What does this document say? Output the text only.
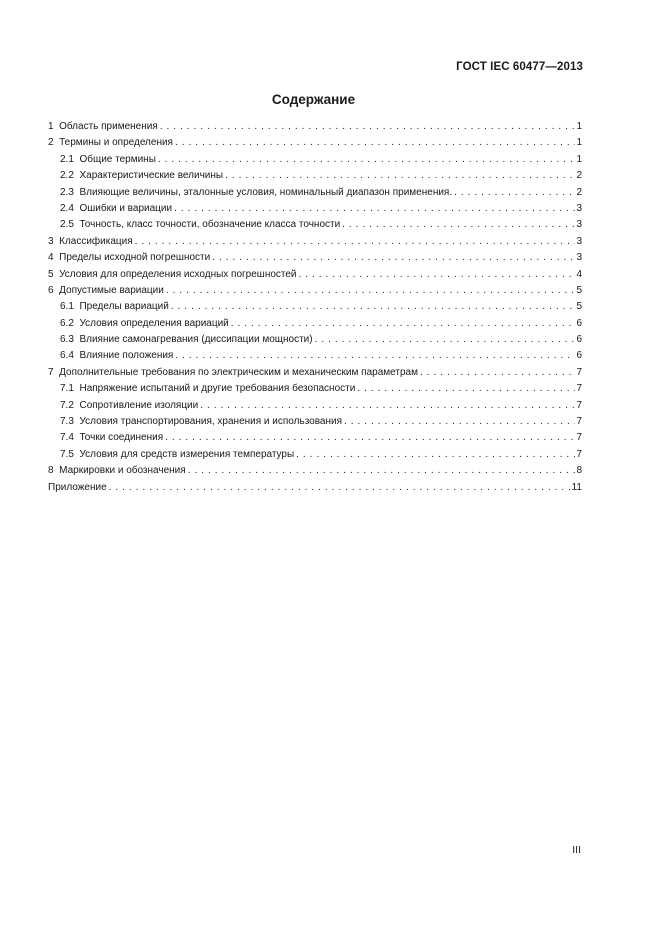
ГОСТ IEC 60477—2013
Содержание
1 Область применения . . .	1
2 Термины и определения . . .	1
2.1 Общие термины . . .	1
2.2 Характеристические величины . . .	2
2.3 Влияющие величины, эталонные условия, номинальный диапазон применения. . . .	2
2.4 Ошибки и вариации . . .	3
2.5 Точность, класс точности, обозначение класса точности . . .	3
3 Классификация . . .	3
4 Пределы исходной погрешности . . .	3
5 Условия для определения исходных погрешностей . . .	4
6 Допустимые вариации . . .	5
6.1 Пределы вариаций . . .	5
6.2 Условия определения вариаций . . .	6
6.3 Влияние самонагревания (диссипации мощности) . . .	6
6.4 Влияние положения . . .	6
7 Дополнительные требования по электрическим и механическим параметрам . . .	7
7.1 Напряжение испытаний и другие требования безопасности . . .	7
7.2 Сопротивление изоляции . . .	7
7.3 Условия транспортирования, хранения и использования . . .	7
7.4 Точки соединения . . .	7
7.5 Условия для средств измерения температуры . . .	7
8 Маркировки и обозначения . . .	8
Приложение . . .	11
III
